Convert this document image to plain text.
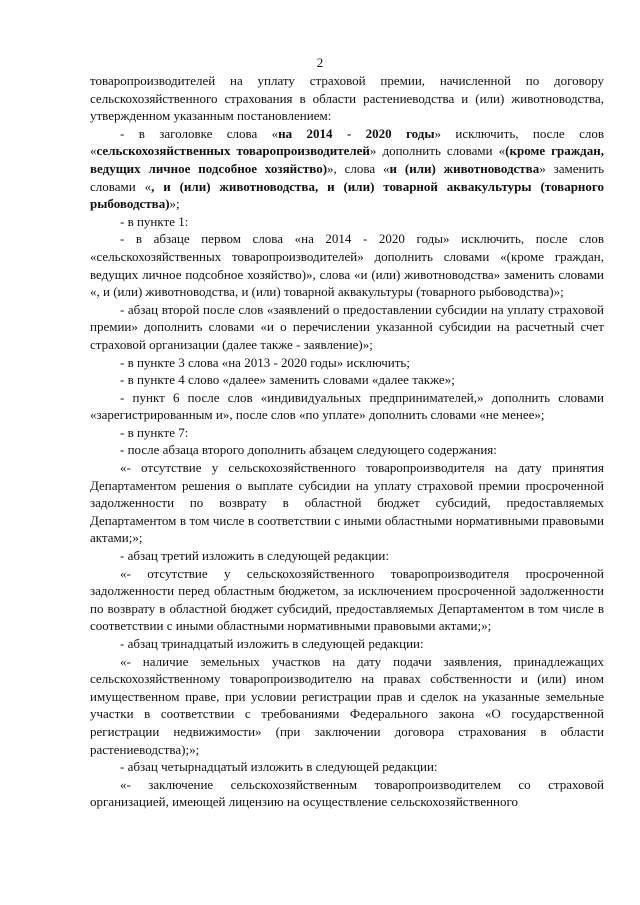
2

товаропроизводителей на уплату страховой премии, начисленной по договору сельскохозяйственного страхования в области растениеводства и (или) животноводства, утвержденном указанным постановлением:

- в заголовке слова «на 2014 - 2020 годы» исключить, после слов «сельскохозяйственных товаропроизводителей» дополнить словами «(кроме граждан, ведущих личное подсобное хозяйство)», слова «и (или) животноводства» заменить словами «, и (или) животноводства, и (или) товарной аквакультуры (товарного рыбоводства)»;

- в пункте 1:

- в абзаце первом слова «на 2014 - 2020 годы» исключить, после слов «сельскохозяйственных товаропроизводителей» дополнить словами «(кроме граждан, ведущих личное подсобное хозяйство)», слова «и (или) животноводства» заменить словами «, и (или) животноводства, и (или) товарной аквакультуры (товарного рыбоводства)»;

- абзац второй после слов «заявлений о предоставлении субсидии на уплату страховой премии» дополнить словами «и о перечислении указанной субсидии на расчетный счет страховой организации (далее также - заявление)»;

- в пункте 3 слова «на 2013 - 2020 годы» исключить;

- в пункте 4 слово «далее» заменить словами «далее также»;

- пункт 6 после слов «индивидуальных предпринимателей,» дополнить словами «зарегистрированным и», после слов «по уплате» дополнить словами «не менее»;

- в пункте 7:

- после абзаца второго дополнить абзацем следующего содержания:

«- отсутствие у сельскохозяйственного товаропроизводителя на дату принятия Департаментом решения о выплате субсидии на уплату страховой премии просроченной задолженности по возврату в областной бюджет субсидий, предоставляемых Департаментом в том числе в соответствии с иными областными нормативными правовыми актами;»;

- абзац третий изложить в следующей редакции:

«- отсутствие у сельскохозяйственного товаропроизводителя просроченной задолженности перед областным бюджетом, за исключением просроченной задолженности по возврату в областной бюджет субсидий, предоставляемых Департаментом в том числе в соответствии с иными областными нормативными правовыми актами;»;

- абзац тринадцатый изложить в следующей редакции:

«- наличие земельных участков на дату подачи заявления, принадлежащих сельскохозяйственному товаропроизводителю на правах собственности и (или) ином имущественном праве, при условии регистрации прав и сделок на указанные земельные участки в соответствии с требованиями Федерального закона «О государственной регистрации недвижимости» (при заключении договора страхования в области растениеводства);»;

- абзац четырнадцатый изложить в следующей редакции:

«- заключение сельскохозяйственным товаропроизводителем со страховой организацией, имеющей лицензию на осуществление сельскохозяйственного
